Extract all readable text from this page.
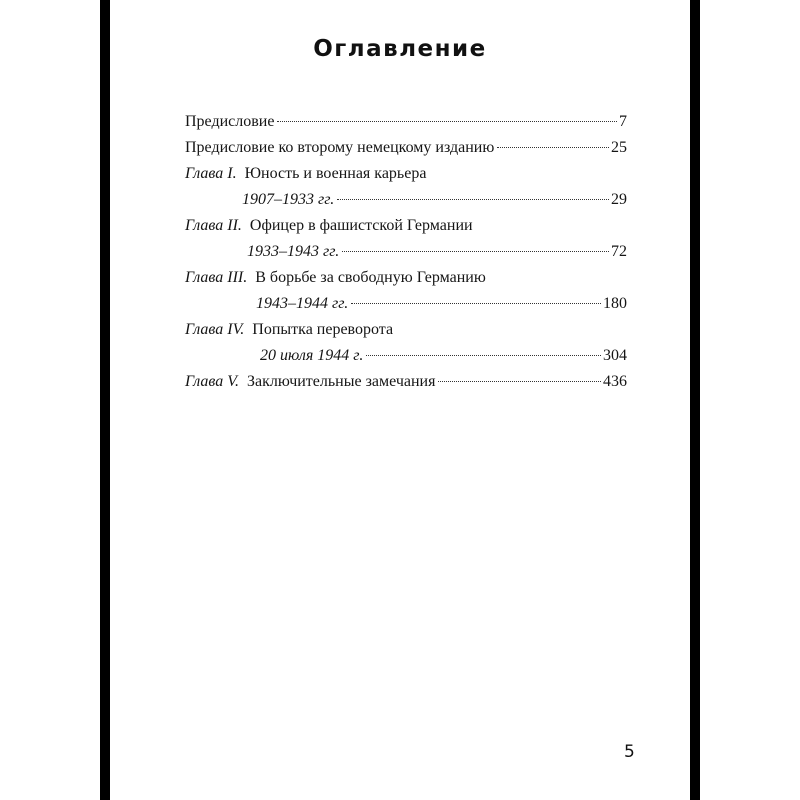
Оглавление
Предисловие	7
Предисловие ко второму немецкому изданию	25
Глава I. Юность и военная карьера
1907–1933 гг.	29
Глава II. Офицер в фашистской Германии
1933–1943 гг.	72
Глава III. В борьбе за свободную Германию
1943–1944 гг.	180
Глава IV. Попытка переворота
20 июля 1944 г.	304
Глава V. Заключительные замечания	436
5
